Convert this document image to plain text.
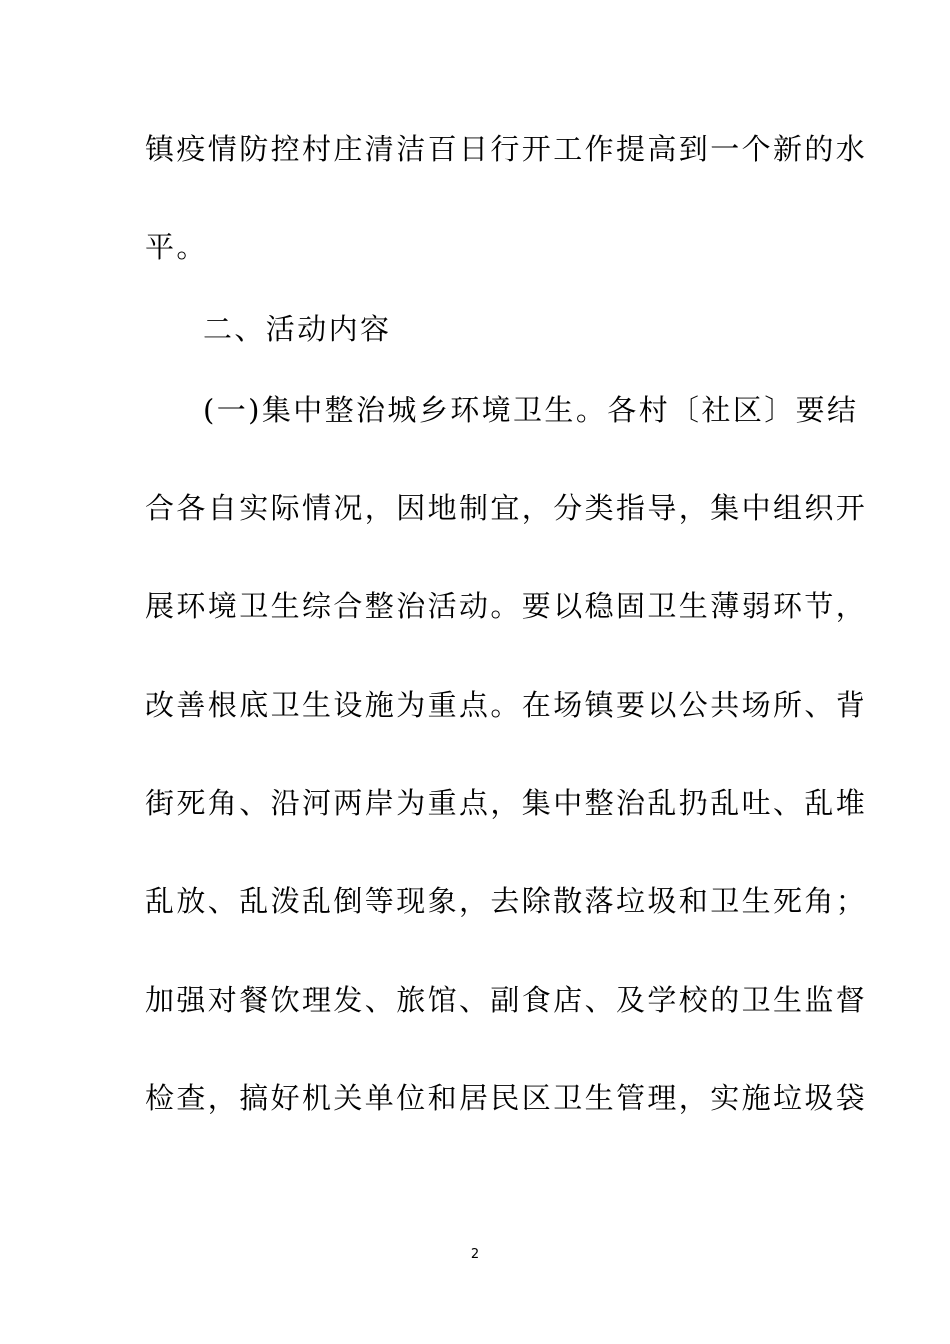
镇疫情防控村庄清洁百日行开工作提高到一个新的水
平。
二、活动内容
(一)集中整治城乡环境卫生。各村〔社区〕要结
合各自实际情况，因地制宜，分类指导，集中组织开
展环境卫生综合整治活动。要以稳固卫生薄弱环节，
改善根底卫生设施为重点。在场镇要以公共场所、背
街死角、沿河两岸为重点，集中整治乱扔乱吐、乱堆
乱放、乱泼乱倒等现象，去除散落垃圾和卫生死角；
加强对餐饮理发、旅馆、副食店、及学校的卫生监督
检查，搞好机关单位和居民区卫生管理，实施垃圾袋
2
